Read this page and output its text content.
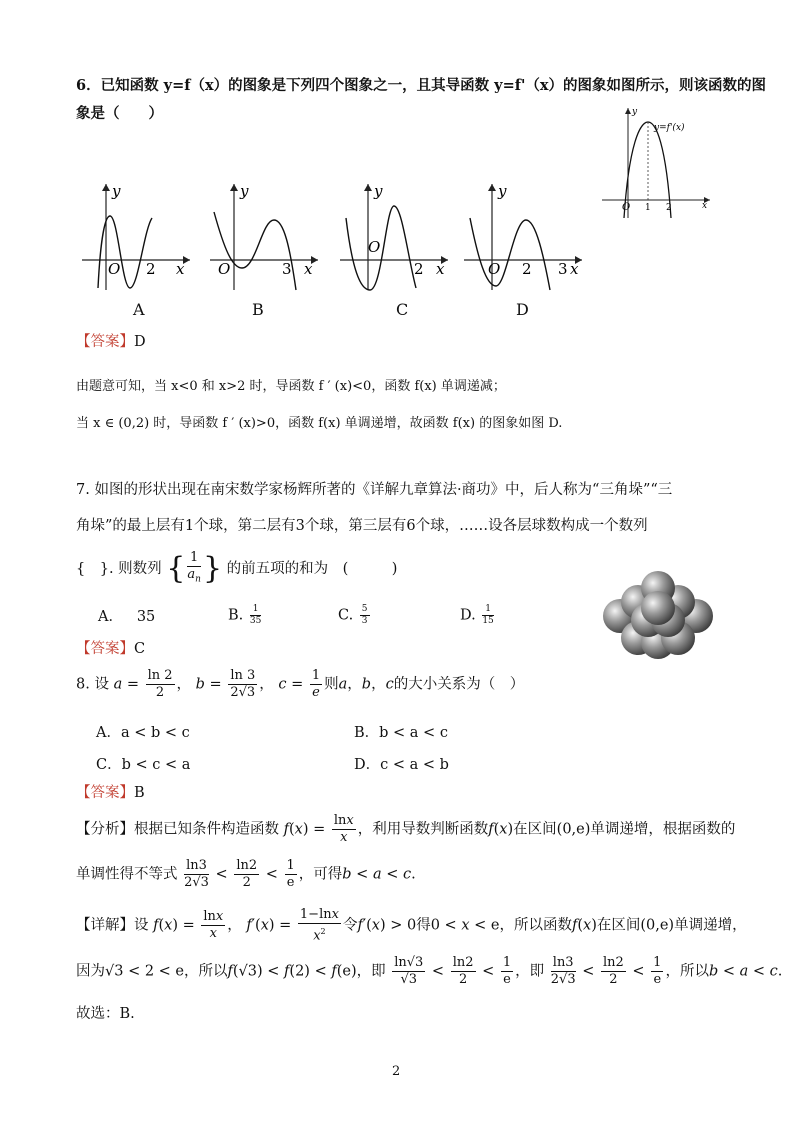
6．已知函数 y=f（x）的图象是下列四个图象之一，且其导函数 y=f'（x）的图象如图所示，则该函数的图
象是（　　）
O 1 2	x
y
y=f'(x)
y
O 2 x
A
y
O	3 x
B
y
O
2 x
C
y
O 2 3 x
D
【答案】D
由题意可知，当 x<0 和 x>2 时，导函数 f ′ (x)<0，函数 f(x) 单调递减；
当 x ∈ (0,2) 时，导函数 f ′ (x)>0，函数 f(x) 单调递增，故函数 f(x) 的图象如图 D.
7. 如图的形状出现在南宋数学家杨辉所著的《详解九章算法·商功》中，后人称为“三角垛”“三
角垛”的最上层有1个球，第二层有3个球，第三层有6个球，……设各层球数构成一个数列
{　}. 则数列 { $\frac{1}{a_n}$ } 的前五项的和为　(　　　)
A． 35	B. $\frac{1}{35}$	C. $\frac{5}{3}$	D. $\frac{1}{15}$
【答案】C
8. 设 $a = \frac{\ln 2}{2}$ ， $b = \frac{\ln 3}{2√3}$ ， $c = \frac{1}{e}$ 则a，b，c的大小关系为（　）
A．a < b < c	B．b < a < c
C．b < c < a	D．c < a < b
【答案】B
【分析】根据已知条件构造函数 $f(x) = \frac{\ln x}{x}$ ，利用导数判断函数f(x)在区间(0,e)单调递增，根据函数的
单调性得不等式 $\frac{\ln 3}{2√3} < \frac{\ln 2}{2} < \frac{1}{e}$ ，可得b < a < c.
【详解】设 $f(x) = \frac{\ln x}{x}$ ， $f'(x) = \frac{1-\ln x}{x^2}$ 令f′(x) > 0得0 < x < e，所以函数f(x)在区间(0,e)单调递增，
因为√3 < 2 < e，所以f(√3) < f(2) < f(e)，即 $\frac{\ln√3}{√3} < \frac{\ln 2}{2} < \frac{1}{e}$ ，即 $\frac{\ln 3}{2√3} < \frac{\ln 2}{2} < \frac{1}{e}$ ，所以b < a < c.
故选：B.
2
